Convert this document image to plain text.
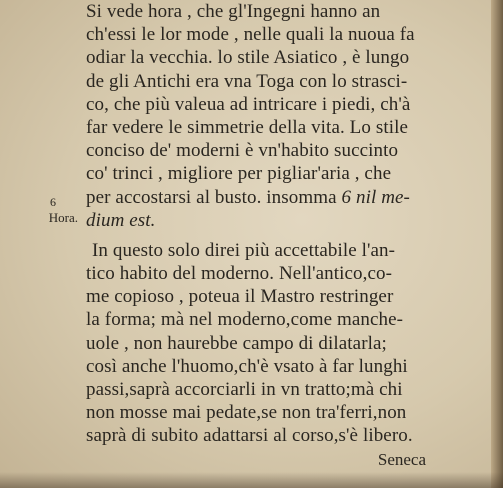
6
Hora.
Si vede hora , che gl'Ingegni hanno an
ch'essi le lor mode , nelle quali la nuoua fa
odiar la vecchia. lo stile Asiatico , è lungo
de gli Antichi era vna Toga con lo strasci-
co, che più valeua ad intricare i piedi, ch'à
far vedere le simmetrie della vita. Lo stile
conciso de' moderni è vn'habito succinto
co' trinci , migliore per pigliar'aria , che
per accostarsi al busto. insomma 6 nil me-
dium est.
In questo solo direi più accettabile l'an-
tico habito del moderno. Nell'antico,co-
me copioso , poteua il Mastro restringer
la forma; mà nel moderno,come manche-
uole , non haurebbe campo di dilatarla;
così anche l'huomo,ch'è vsato à far lunghi
passi,saprà accorciarli in vn tratto;mà chi
non mosse mai pedate,se non tra'ferri,non
saprà di subito adattarsi al corso,s'è libero.
Seneca
